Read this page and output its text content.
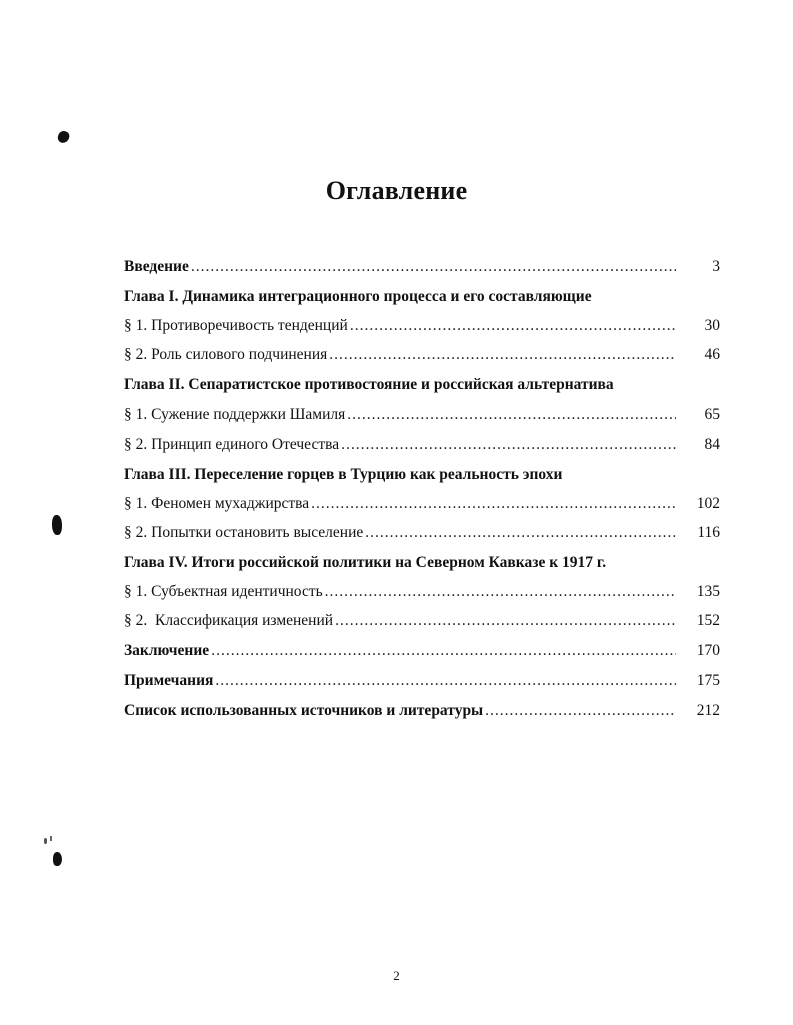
Оглавление
Введение .....	3
Глава I. Динамика интеграционного процесса и его составляющие
§ 1. Противоречивость тенденций .....	30
§ 2. Роль силового подчинения .....	46
Глава II. Сепаратистское противостояние и российская альтернатива
§ 1. Сужение поддержки Шамиля .....	65
§ 2. Принцип единого Отечества .....	84
Глава III. Переселение горцев в Турцию как реальность эпохи
§ 1. Феномен мухаджирства .....	102
§ 2. Попытки остановить выселение .....	116
Глава IV. Итоги российской политики на Северном Кавказе к 1917 г.
§ 1. Субъектная идентичность .....	135
§ 2.  Классификация изменений .....	152
Заключение .....	170
Примечания .....	175
Список использованных источников и литературы .....	212
2
